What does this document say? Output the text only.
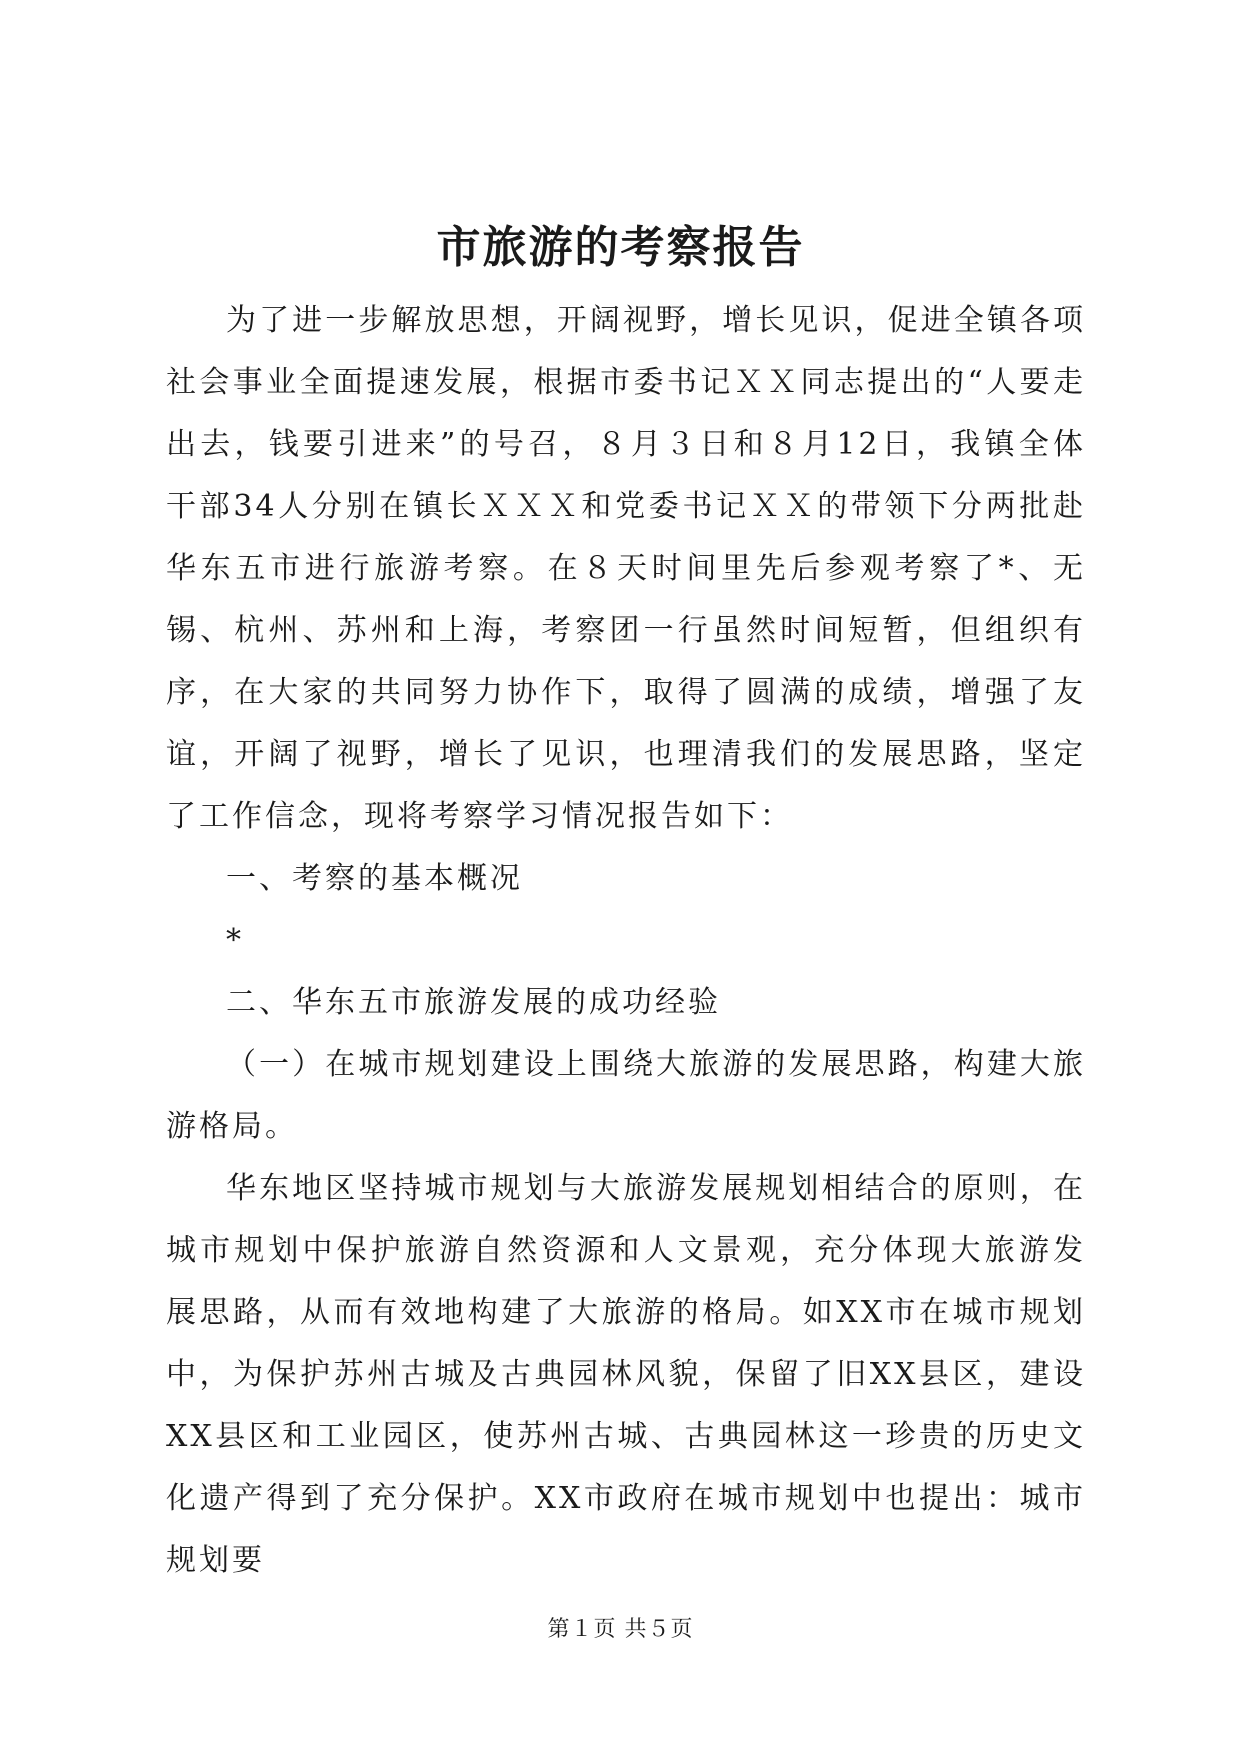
市旅游的考察报告

为了进一步解放思想，开阔视野，增长见识，促进全镇各项社会事业全面提速发展，根据市委书记ＸＸ同志提出的“人要走出去，钱要引进来”的号召，８月３日和８月12日，我镇全体干部34人分别在镇长ＸＸＸ和党委书记ＸＸ的带领下分两批赴华东五市进行旅游考察。在８天时间里先后参观考察了*、无锡、杭州、苏州和上海，考察团一行虽然时间短暂，但组织有序，在大家的共同努力协作下，取得了圆满的成绩，增强了友谊，开阔了视野，增长了见识，也理清我们的发展思路，坚定了工作信念，现将考察学习情况报告如下：

一、考察的基本概况

*

二、华东五市旅游发展的成功经验

（一）在城市规划建设上围绕大旅游的发展思路，构建大旅游格局。

华东地区坚持城市规划与大旅游发展规划相结合的原则，在城市规划中保护旅游自然资源和人文景观，充分体现大旅游发展思路，从而有效地构建了大旅游的格局。如XX市在城市规划中，为保护苏州古城及古典园林风貌，保留了旧XX县区，建设XX县区和工业园区，使苏州古城、古典园林这一珍贵的历史文化遗产得到了充分保护。XX市政府在城市规划中也提出：城市规划要

第１页 共５页
